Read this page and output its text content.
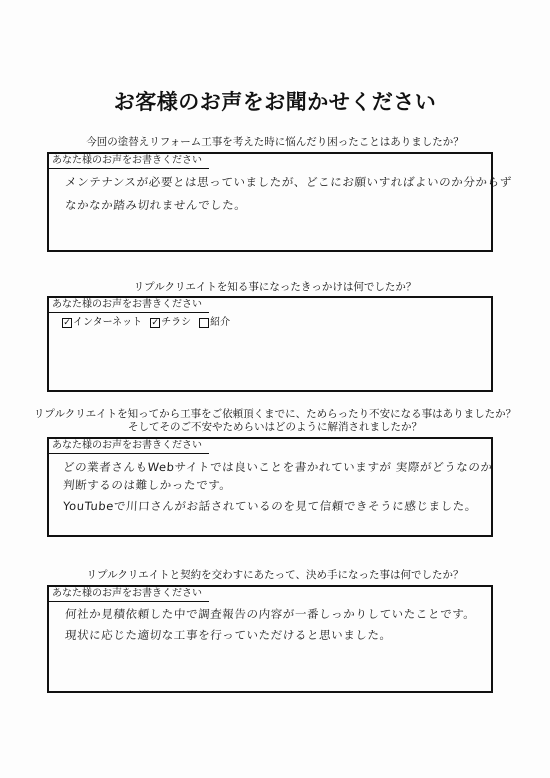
お客様のお声をお聞かせください
今回の塗替えリフォーム工事を考えた時に悩んだり困ったことはありましたか？
あなた様のお声をお書きください
メンテナンスが必要とは思っていましたが、どこにお願いすればよいのか分からず
なかなか踏み切れませんでした。
リプルクリエイトを知る事になったきっかけは何でしたか？
あなた様のお声をお書きください
✓ インターネット ✓ チラシ 紹介
リプルクリエイトを知ってから工事をご依頼頂くまでに、ためらったり不安になる事はありましたか？
そしてそのご不安やためらいはどのように解消されましたか？
あなた様のお声をお書きください
どの業者さんもWebサイトでは良いことを書かれていますが 実際がどうなのか
判断するのは難しかったです。
YouTubeで川口さんがお話されているのを見て信頼できそうに感じました。
リプルクリエイトと契約を交わすにあたって、決め手になった事は何でしたか？
あなた様のお声をお書きください
何社か見積依頼した中で調査報告の内容が一番しっかりしていたことです。
現状に応じた適切な工事を行っていただけると思いました。
